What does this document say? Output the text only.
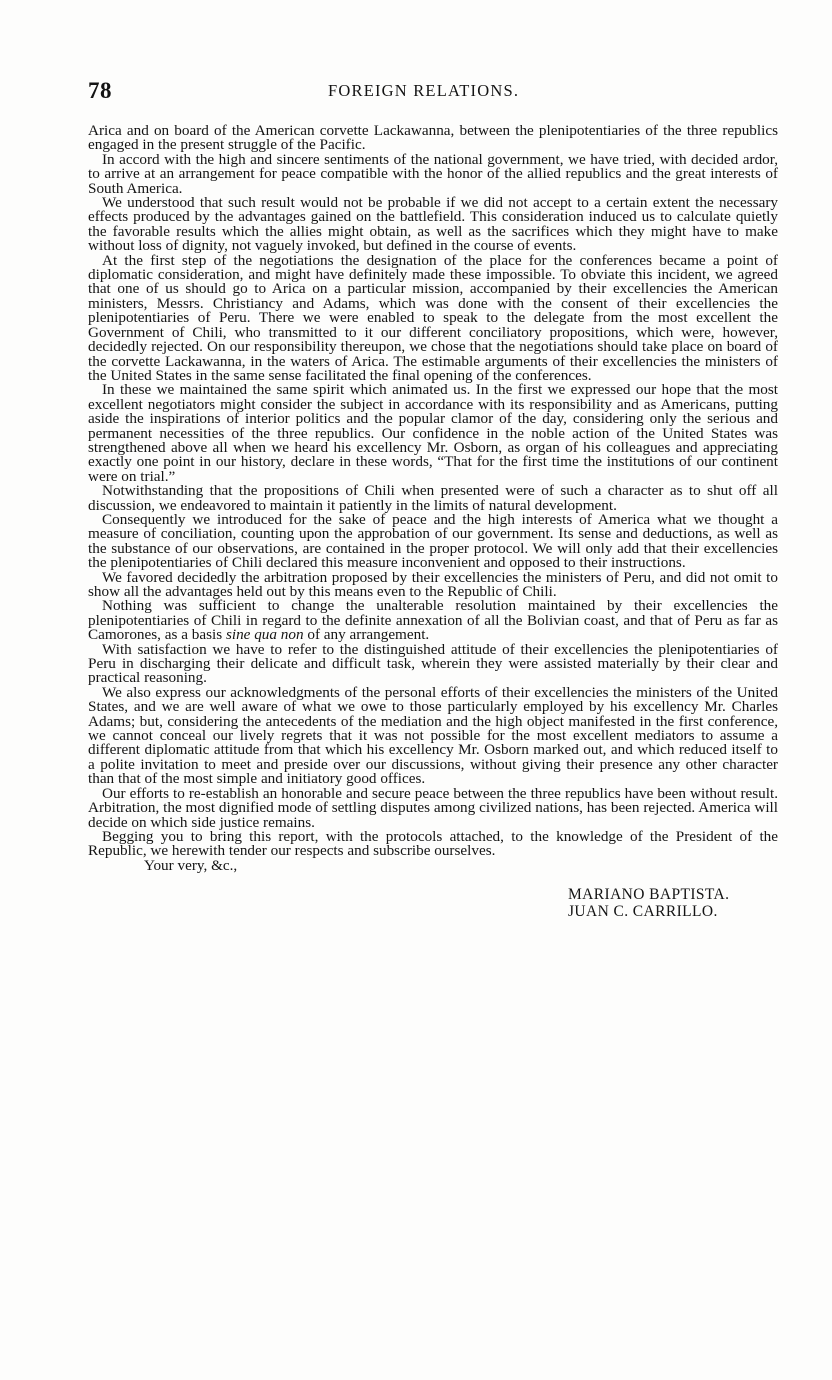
78	FOREIGN RELATIONS.

Arica and on board of the American corvette Lackawanna, between the plenipotentiaries of the three republics engaged in the present struggle of the Pacific.

In accord with the high and sincere sentiments of the national government, we have tried, with decided ardor, to arrive at an arrangement for peace compatible with the honor of the allied republics and the great interests of South America.

We understood that such result would not be probable if we did not accept to a certain extent the necessary effects produced by the advantages gained on the battlefield. This consideration induced us to calculate quietly the favorable results which the allies might obtain, as well as the sacrifices which they might have to make without loss of dignity, not vaguely invoked, but defined in the course of events.

At the first step of the negotiations the designation of the place for the conferences became a point of diplomatic consideration, and might have definitely made these impossible. To obviate this incident, we agreed that one of us should go to Arica on a particular mission, accompanied by their excellencies the American ministers, Messrs. Christiancy and Adams, which was done with the consent of their excellencies the plenipotentiaries of Peru. There we were enabled to speak to the delegate from the most excellent the Government of Chili, who transmitted to it our different conciliatory propositions, which were, however, decidedly rejected. On our responsibility thereupon, we chose that the negotiations should take place on board of the corvette Lackawanna, in the waters of Arica. The estimable arguments of their excellencies the ministers of the United States in the same sense facilitated the final opening of the conferences.

In these we maintained the same spirit which animated us. In the first we expressed our hope that the most excellent negotiators might consider the subject in accordance with its responsibility and as Americans, putting aside the inspirations of interior politics and the popular clamor of the day, considering only the serious and permanent necessities of the three republics. Our confidence in the noble action of the United States was strengthened above all when we heard his excellency Mr. Osborn, as organ of his colleagues and appreciating exactly one point in our history, declare in these words, “That for the first time the institutions of our continent were on trial.”

Notwithstanding that the propositions of Chili when presented were of such a character as to shut off all discussion, we endeavored to maintain it patiently in the limits of natural development.

Consequently we introduced for the sake of peace and the high interests of America what we thought a measure of conciliation, counting upon the approbation of our government. Its sense and deductions, as well as the substance of our observations, are contained in the proper protocol. We will only add that their excellencies the plenipotentiaries of Chili declared this measure inconvenient and opposed to their instructions.

We favored decidedly the arbitration proposed by their excellencies the ministers of Peru, and did not omit to show all the advantages held out by this means even to the Republic of Chili.

Nothing was sufficient to change the unalterable resolution maintained by their excellencies the plenipotentiaries of Chili in regard to the definite annexation of all the Bolivian coast, and that of Peru as far as Camorones, as a basis sine qua non of any arrangement.

With satisfaction we have to refer to the distinguished attitude of their excellencies the plenipotentiaries of Peru in discharging their delicate and difficult task, wherein they were assisted materially by their clear and practical reasoning.

We also express our acknowledgments of the personal efforts of their excellencies the ministers of the United States, and we are well aware of what we owe to those particularly employed by his excellency Mr. Charles Adams; but, considering the antecedents of the mediation and the high object manifested in the first conference, we cannot conceal our lively regrets that it was not possible for the most excellent mediators to assume a different diplomatic attitude from that which his excellency Mr. Osborn marked out, and which reduced itself to a polite invitation to meet and preside over our discussions, without giving their presence any other character than that of the most simple and initiatory good offices.

Our efforts to re-establish an honorable and secure peace between the three republics have been without result. Arbitration, the most dignified mode of settling disputes among civilized nations, has been rejected. America will decide on which side justice remains.

Begging you to bring this report, with the protocols attached, to the knowledge of the President of the Republic, we herewith tender our respects and subscribe ourselves.

Your very, &c.,

MARIANO BAPTISTA.
JUAN C. CARRILLO.
